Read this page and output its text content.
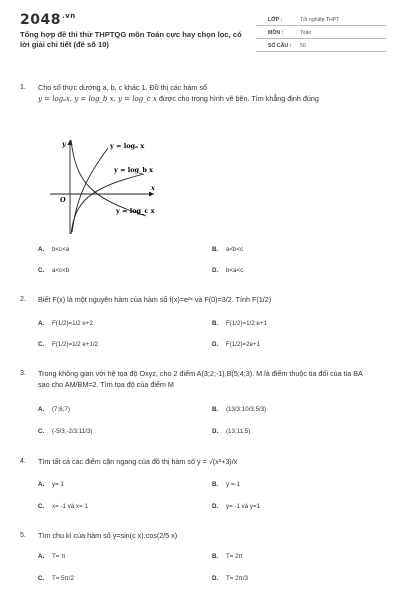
$2048^{.vn}$
Tổng hợp đề thi thử THPTQG môn Toán cực hay chọn lọc, có lời giải chi tiết (đề số 10)
LỚP :	Tốt nghiệp THPT
MÔN :	Toán
SỐ CÂU : 50
1. Cho số thực dương a, b, c khác 1. Đồ thị các hàm số
y = logₐx, y = log_b x, y = log_c x được cho trong hình vẽ bên. Tìm khẳng định đúng
y = logₐ x
y = log_b x
y = log_c x
x
y
O
A. b<c<a	B. a<b<c
C. a<c<b	D. b<a<c
2. Biết F(x) là một nguyên hàm của hàm số f(x)=e²ˣ và F(0)=3/2. Tính F(1/2)
A. F(1/2)=1/2 e+2	B. F(1/2)=1/2 e+1
C. F(1/2)=1/2 e+1/2	D. F(1/2)=2e+1
3. Trong không gian với hệ tọa độ Oxyz, cho 2 điểm A(3;2;-1),B(5;4;3). M là điểm thuộc tia đối của tia BA sao cho AM/BM=2. Tìm tọa độ của điểm M
A. (7;6;7)	B. (13/3;10/3;5/3)
C. (-5/3;-2/3;11/3)	D. (13;11;5)
4. Tìm tất cả các điểm cận ngang của đồ thị hàm số y = √(x²+3)/x
A. y= 1	B. y =-1
C. x= -1 và x= 1	D. y= -1 và y=1
5. Tìm chu kì của hàm số y=sin(c x).cos(2/5 x)
A. T= π	B. T= 2π
C. T= 5π/2	D. T= 2π/3
